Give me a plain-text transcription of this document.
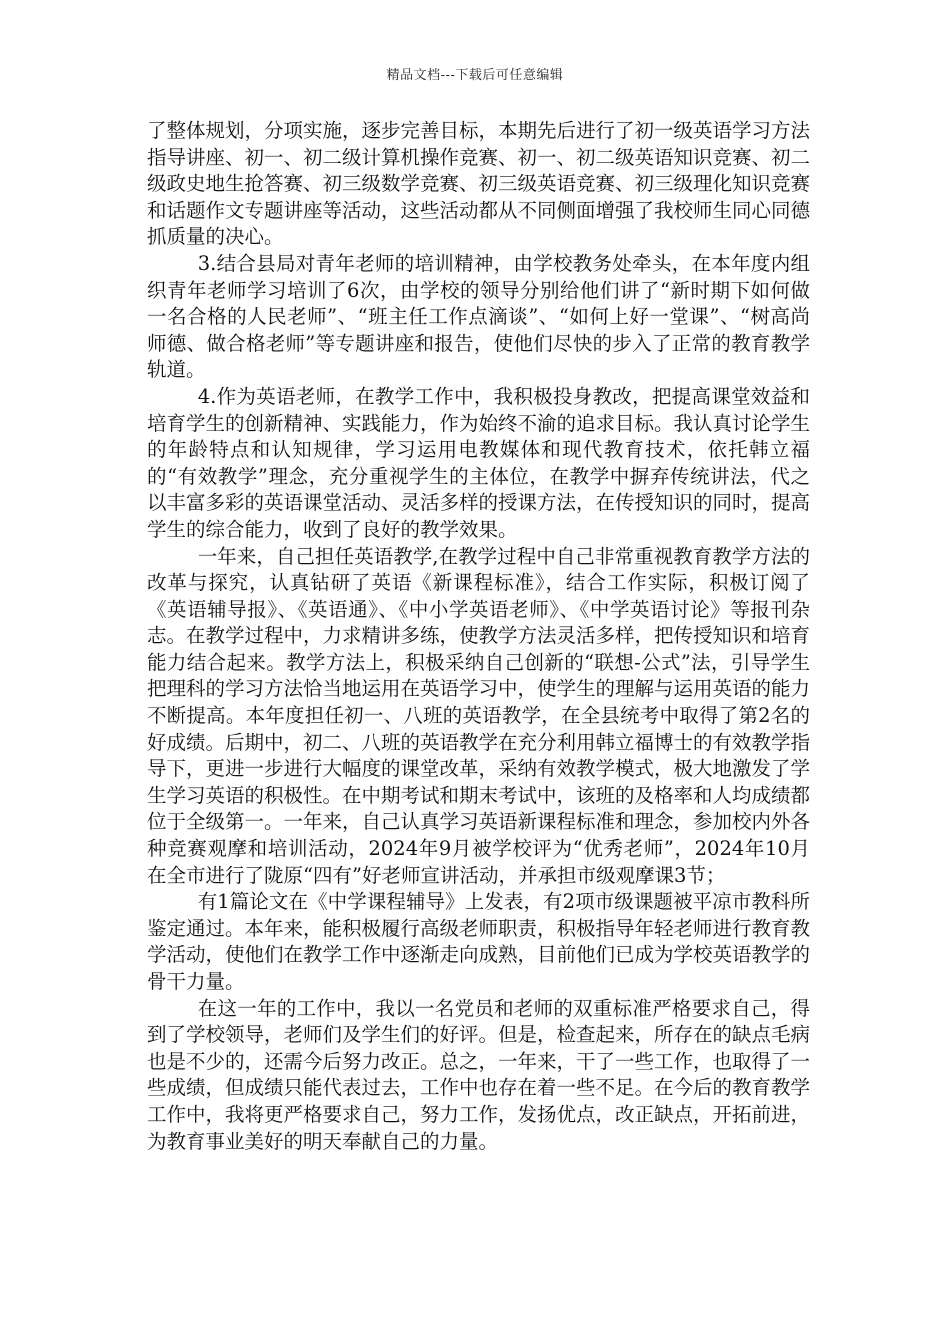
精品文档---下载后可任意编辑

了整体规划，分项实施，逐步完善目标，本期先后进行了初一级英语学习方法指导讲座、初一、初二级计算机操作竞赛、初一、初二级英语知识竞赛、初二级政史地生抢答赛、初三级数学竞赛、初三级英语竞赛、初三级理化知识竞赛和话题作文专题讲座等活动，这些活动都从不同侧面增强了我校师生同心同德抓质量的决心。

3.结合县局对青年老师的培训精神，由学校教务处牵头，在本年度内组织青年老师学习培训了6次，由学校的领导分别给他们讲了“新时期下如何做一名合格的人民老师”、“班主任工作点滴谈”、“如何上好一堂课”、“树高尚师德、做合格老师”等专题讲座和报告，使他们尽快的步入了正常的教育教学轨道。

4.作为英语老师，在教学工作中，我积极投身教改，把提高课堂效益和培育学生的创新精神、实践能力，作为始终不渝的追求目标。我认真讨论学生的年龄特点和认知规律，学习运用电教媒体和现代教育技术，依托韩立福的“有效教学”理念，充分重视学生的主体位，在教学中摒弃传统讲法，代之以丰富多彩的英语课堂活动、灵活多样的授课方法，在传授知识的同时，提高学生的综合能力，收到了良好的教学效果。

一年来，自己担任英语教学,在教学过程中自己非常重视教育教学方法的改革与探究，认真钻研了英语《新课程标准》，结合工作实际，积极订阅了《英语辅导报》、《英语通》、《中小学英语老师》、《中学英语讨论》等报刊杂志。在教学过程中，力求精讲多练，使教学方法灵活多样，把传授知识和培育能力结合起来。教学方法上，积极采纳自己创新的“联想-公式”法，引导学生把理科的学习方法恰当地运用在英语学习中，使学生的理解与运用英语的能力不断提高。本年度担任初一、八班的英语教学，在全县统考中取得了第2名的好成绩。后期中，初二、八班的英语教学在充分利用韩立福博士的有效教学指导下，更进一步进行大幅度的课堂改革，采纳有效教学模式，极大地激发了学生学习英语的积极性。在中期考试和期末考试中，该班的及格率和人均成绩都位于全级第一。一年来，自己认真学习英语新课程标准和理念，参加校内外各种竞赛观摩和培训活动，2024年9月被学校评为“优秀老师”，2024年10月在全市进行了陇原“四有”好老师宣讲活动，并承担市级观摩课3节；

有1篇论文在《中学课程辅导》上发表，有2项市级课题被平凉市教科所鉴定通过。本年来，能积极履行高级老师职责，积极指导年轻老师进行教育教学活动，使他们在教学工作中逐渐走向成熟，目前他们已成为学校英语教学的骨干力量。

在这一年的工作中，我以一名党员和老师的双重标准严格要求自己，得到了学校领导，老师们及学生们的好评。但是，检查起来，所存在的缺点毛病也是不少的，还需今后努力改正。总之，一年来，干了一些工作，也取得了一些成绩，但成绩只能代表过去，工作中也存在着一些不足。在今后的教育教学工作中，我将更严格要求自己，努力工作，发扬优点，改正缺点，开拓前进，为教育事业美好的明天奉献自己的力量。
